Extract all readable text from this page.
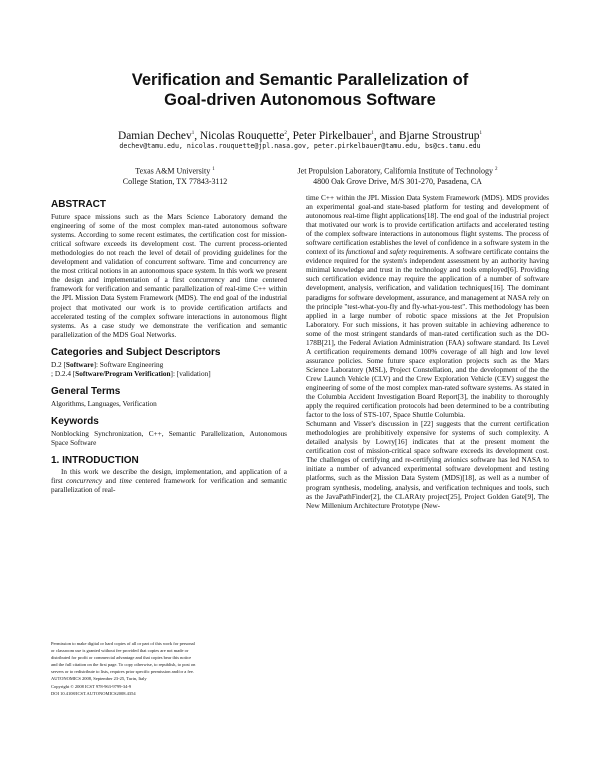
Verification and Semantic Parallelization of
Goal-driven Autonomous Software
Damian Dechev$^1$, Nicolas Rouquette$^2$, Peter Pirkelbauer$^1$, and Bjarne Stroustrup$^1$
dechev@tamu.edu, nicolas.rouquette@jpl.nasa.gov, peter.pirkelbauer@tamu.edu, bs@cs.tamu.edu
Texas A&M University $^1$
College Station, TX 77843-3112
Jet Propulsion Laboratory, California Institute of Technology $^2$
4800 Oak Grove Drive, M/S 301-270, Pasadena, CA
ABSTRACT

Future space missions such as the Mars Science Laboratory demand the engineering of some of the most complex man-rated autonomous software systems. According to some recent estimates, the certification cost for mission-critical software exceeds its development cost. The current process-oriented methodologies do not reach the level of detail of providing guidelines for the development and validation of concurrent software. Time and concurrency are the most critical notions in an autonomous space system. In this work we present the design and implementation of a first concurrency and time centered framework for verification and semantic parallelization of real-time C++ within the JPL Mission Data System Framework (MDS). The end goal of the industrial project that motivated our work is to provide certification artifacts and accelerated testing of the complex software interactions in autonomous flight systems. As a case study we demonstrate the verification and semantic parallelization of the MDS Goal Networks.

Categories and Subject Descriptors

D.2 [Software]: Software Engineering

; D.2.4 [Software/Program Verification]: [validation]

General Terms

Algorithms, Languages, Verification

Keywords

Nonblocking Synchronization, C++, Semantic Parallelization, Autonomous Space Software

1. INTRODUCTION

In this work we describe the design, implementation, and application of a first concurrency and time centered framework for verification and semantic parallelization of real-

Permission to make digital or hard copies of all or part of this work for personal

or classroom use is granted without fee provided that copies are not made or

distributed for profit or commercial advantage and that copies bear this notice

and the full citation on the first page. To copy otherwise, to republish, to post on

servers or to redistribute to lists, requires prior specific permission and/or a fee.

AUTONOMICS 2008, September 23-25, Turin, Italy

Copyright © 2008 ICST 978-963-9799-34-9

DOI 10.4108/ICST.AUTONOMICS2008.4354

time C++ within the JPL Mission Data System Framework (MDS). MDS provides an experimental goal-and state-based platform for testing and development of autonomous real-time flight applications[18]. The end goal of the industrial project that motivated our work is to provide certification artifacts and accelerated testing of the complex software interactions in autonomous flight systems. The process of software certification establishes the level of confidence in a software system in the context of its functional and safety requirements. A software certificate contains the evidence required for the system's independent assessment by an authority having minimal knowledge and trust in the technology and tools employed[6]. Providing such certification evidence may require the application of a number of software development, analysis, verification, and validation techniques[16]. The dominant paradigms for software development, assurance, and management at NASA rely on the principle "test-what-you-fly and fly-what-you-test". This methodology has been applied in a large number of robotic space missions at the Jet Propulsion Laboratory. For such missions, it has proven suitable in achieving adherence to some of the most stringent standards of man-rated certification such as the DO-178B[21], the Federal Aviation Administration (FAA) software standard. Its Level A certification requirements demand 100% coverage of all high and low level assurance policies. Some future space exploration projects such as the Mars Science Laboratory (MSL), Project Constellation, and the development of the the Crew Launch Vehicle (CLV) and the Crew Exploration Vehicle (CEV) suggest the engineering of some of the most complex man-rated software systems. As stated in the Columbia Accident Investigation Board Report[3], the inability to thoroughly apply the required certification protocols had been determined to be a contributing factor to the loss of STS-107, Space Shuttle Columbia.

Schumann and Visser's discussion in [22] suggests that the current certification methodologies are prohibitively expensive for systems of such complexity. A detailed analysis by Lowry[16] indicates that at the present moment the certification cost of mission-critical space software exceeds its development cost. The challenges of certifying and re-certifying avionics software has led NASA to initiate a number of advanced experimental software development and testing platforms, such as the Mission Data System (MDS)[18], as well as a number of program synthesis, modeling, analysis, and verification techniques and tools, such as the JavaPathFinder[2], the CLARAty project[25], Project Golden Gate[9], The New Millenium Architecture Prototype (New-
